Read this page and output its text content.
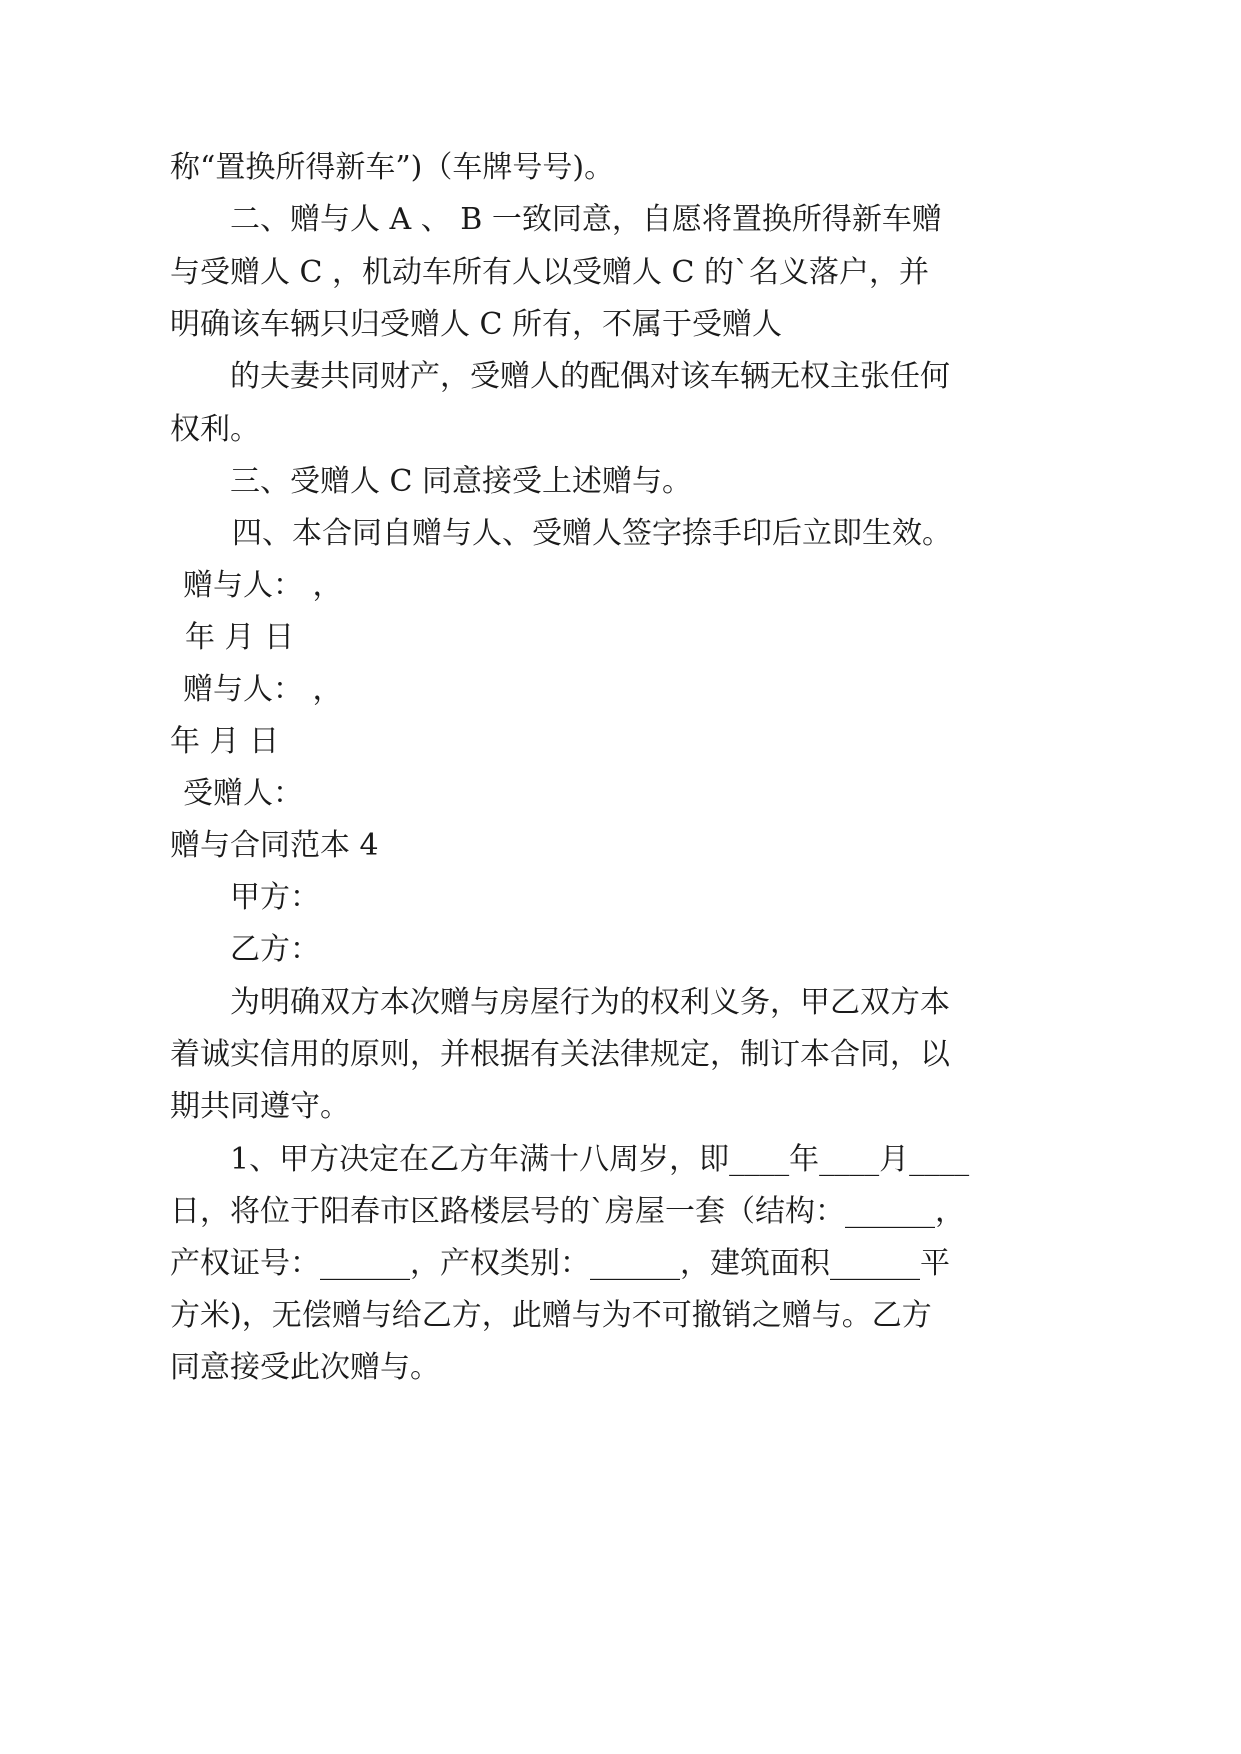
称“置换所得新车”)（车牌号号)。
二、赠与人 A 、 B 一致同意，自愿将置换所得新车赠
与受赠人 C ，机动车所有人以受赠人 C 的`名义落户，并
明确该车辆只归受赠人 C 所有，不属于受赠人
的夫妻共同财产，受赠人的配偶对该车辆无权主张任何
权利。
三、受赠人 C 同意接受上述赠与。
四、本合同自赠与人、受赠人签字捺手印后立即生效。
赠与人： ，
年 月 日
赠与人： ，
年 月 日
受赠人：
赠与合同范本 4
甲方：
乙方：
为明确双方本次赠与房屋行为的权利义务，甲乙双方本
着诚实信用的原则，并根据有关法律规定，制订本合同，以
期共同遵守。
1、甲方决定在乙方年满十八周岁，即____年____月____
日，将位于阳春市区路楼层号的`房屋一套（结构：______，
产权证号：______，产权类别：______，建筑面积______平
方米)，无偿赠与给乙方，此赠与为不可撤销之赠与。乙方
同意接受此次赠与。
